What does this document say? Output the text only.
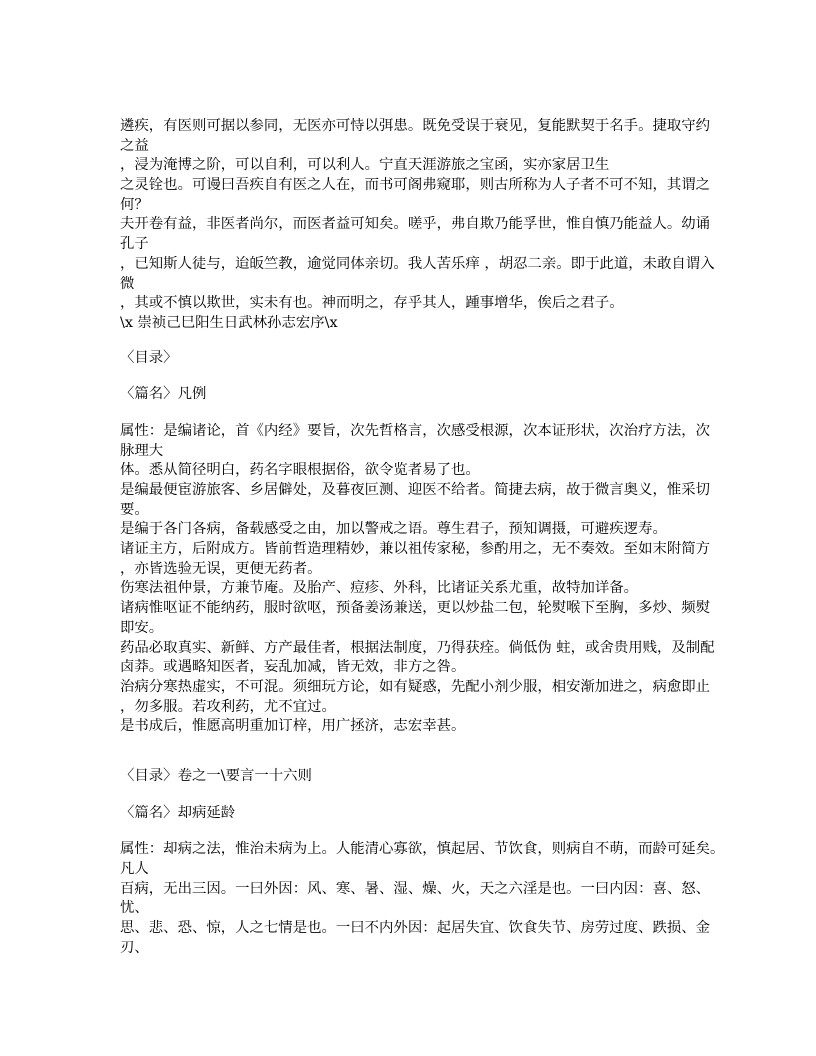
遴疾，有医则可据以参同，无医亦可恃以弭患。既免受误于衰见，复能默契于名手。捷取守约
之益
，浸为淹博之阶，可以自利，可以利人。宁直天涯游旅之宝函，实亦家居卫生
之灵铨也。可谩曰吾疾自有医之人在，而书可阁弗窥耶，则古所称为人子者不可不知，其谓之
何？
夫开卷有益，非医者尚尔，而医者益可知矣。嗟乎，弗自欺乃能孚世，惟自慎乃能益人。幼诵
孔子
，已知斯人徒与，迨皈竺教，逾觉同体亲切。我人苦乐痒 ，胡忍二亲。即于此道，未敢自谓入
微
，其或不慎以欺世，实未有也。神而明之，存乎其人，踵事增华，俟后之君子。
\x 崇祯己巳阳生日武林孙志宏序\x
〈目录〉
〈篇名〉凡例
属性：是编诸论，首《内经》要旨，次先哲格言，次感受根源，次本证形状，次治疗方法，次
脉理大
体。悉从简径明白，药名字眼根据俗，欲令览者易了也。
是编最便宦游旅客、乡居僻处，及暮夜叵测、迎医不给者。简捷去病，故于微言奥义，惟采切
要。
是编于各门各病，备载感受之由，加以警戒之语。尊生君子，预知调摄，可避疾逻寿。
诸证主方，后附成方。皆前哲造理精妙，兼以祖传家秘，参酌用之，无不奏效。至如末附简方
，亦皆选验无误，更便无药者。
伤寒法祖仲景，方兼节庵。及胎产、痘疹、外科，比诸证关系尤重，故特加详备。
诸病惟呕证不能纳药，服时欲呕，预备姜汤兼送，更以炒盐二包，轮熨喉下至胸，多炒、频熨
即安。
药品必取真实、新鲜、方产最佳者，根据法制度，乃得获痊。倘低伪 蛀，或舍贵用贱，及制配
卤莽。或遇略知医者，妄乱加减，皆无效，非方之咎。
治病分寒热虚实，不可混。须细玩方论，如有疑惑，先配小剂少服，相安渐加进之，病愈即止
，勿多服。若攻利药，尤不宜过。
是书成后，惟愿高明重加订梓，用广拯济，志宏幸甚。
〈目录〉卷之一\要言一十六则
〈篇名〉却病延龄
属性：却病之法，惟治未病为上。人能清心寡欲，慎起居、节饮食，则病自不萌，而龄可延矣。
凡人
百病，无出三因。一曰外因：风、寒、暑、湿、燥、火，天之六淫是也。一曰内因：喜、怒、
忧、
思、悲、恐、惊，人之七情是也。一曰不内外因：起居失宜、饮食失节、房劳过度、跌损、金
刃、
